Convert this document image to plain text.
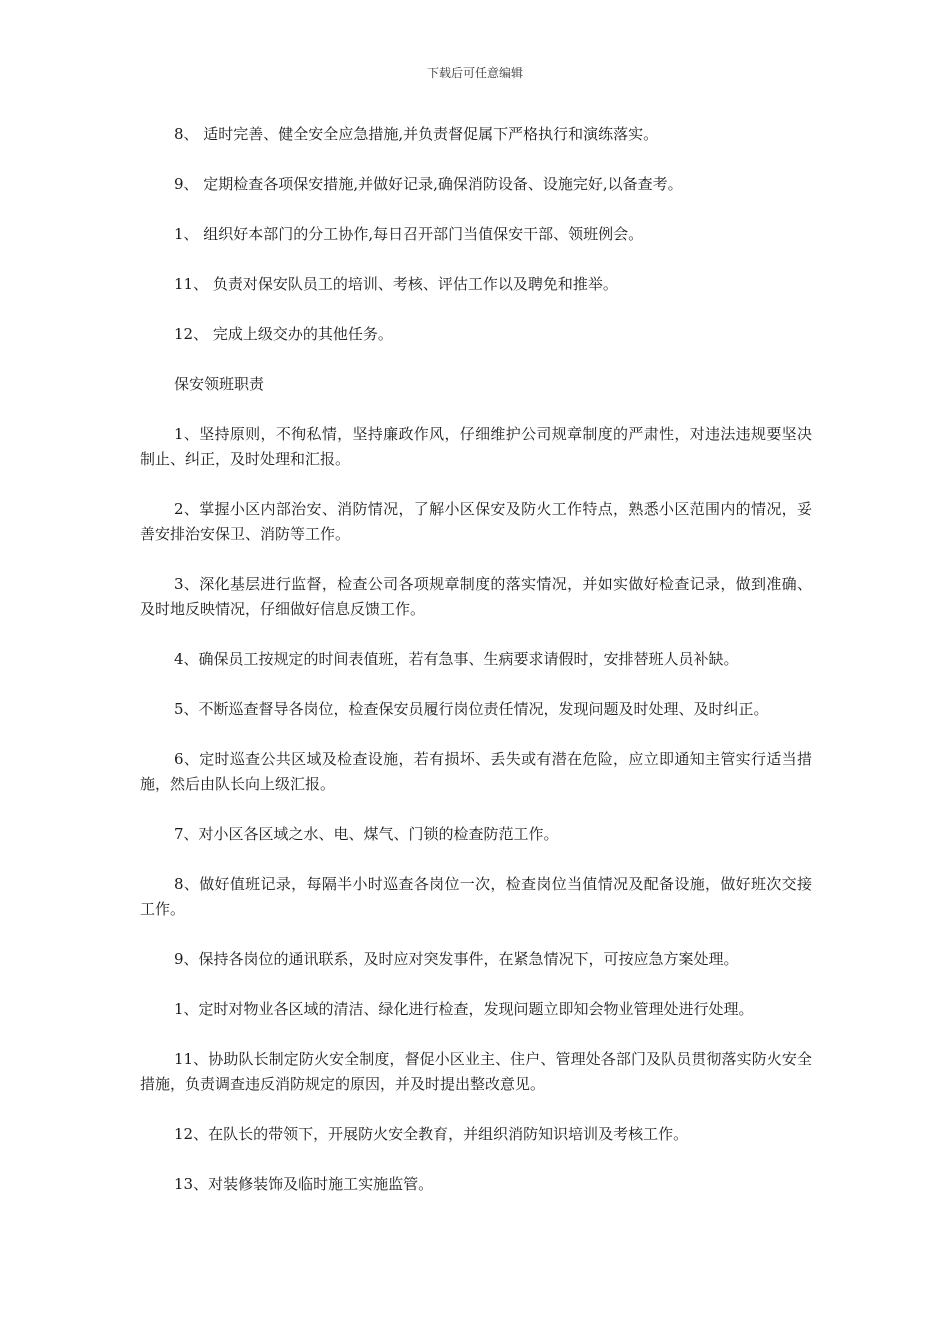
下载后可任意编辑

8、 适时完善、健全安全应急措施,并负责督促属下严格执行和演练落实。

9、 定期检查各项保安措施,并做好记录,确保消防设备、设施完好,以备查考。

1、 组织好本部门的分工协作,每日召开部门当值保安干部、领班例会。

11、 负责对保安队员工的培训、考核、评估工作以及聘免和推举。

12、 完成上级交办的其他任务。

保安领班职责

1、坚持原则，不徇私情，坚持廉政作风，仔细维护公司规章制度的严肃性，对违法违规要坚决制止、纠正，及时处理和汇报。

2、掌握小区内部治安、消防情况，了解小区保安及防火工作特点，熟悉小区范围内的情况，妥善安排治安保卫、消防等工作。

3、深化基层进行监督，检查公司各项规章制度的落实情况，并如实做好检查记录，做到准确、及时地反映情况，仔细做好信息反馈工作。

4、确保员工按规定的时间表值班，若有急事、生病要求请假时，安排替班人员补缺。

5、不断巡查督导各岗位，检查保安员履行岗位责任情况，发现问题及时处理、及时纠正。

6、定时巡查公共区域及检查设施，若有损坏、丢失或有潜在危险，应立即通知主管实行适当措施，然后由队长向上级汇报。

7、对小区各区域之水、电、煤气、门锁的检查防范工作。

8、做好值班记录，每隔半小时巡查各岗位一次，检查岗位当值情况及配备设施，做好班次交接工作。

9、保持各岗位的通讯联系，及时应对突发事件，在紧急情况下，可按应急方案处理。

1、定时对物业各区域的清洁、绿化进行检查，发现问题立即知会物业管理处进行处理。

11、协助队长制定防火安全制度，督促小区业主、住户、管理处各部门及队员贯彻落实防火安全措施，负责调查违反消防规定的原因，并及时提出整改意见。

12、在队长的带领下，开展防火安全教育，并组织消防知识培训及考核工作。

13、对装修装饰及临时施工实施监管。
